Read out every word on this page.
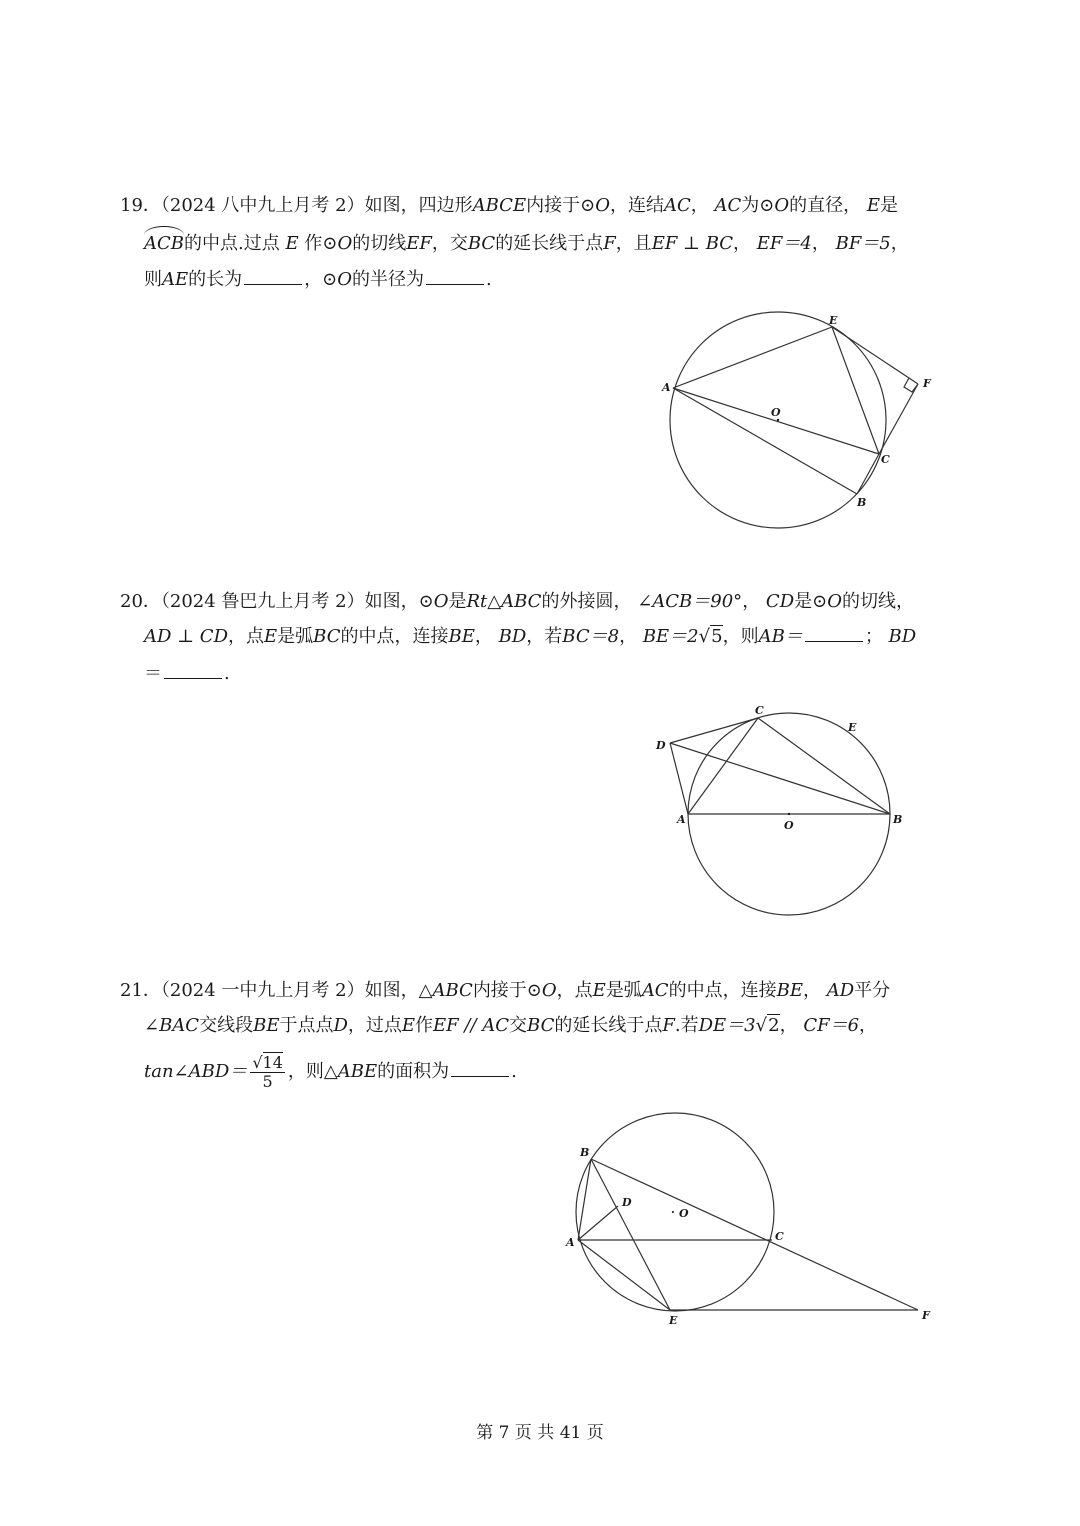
19．（2024 八中九上月考 2）如图，四边形ABCE内接于⊙O，连结AC， AC为⊙O的直径， E是
ACB的中点.过点 E 作⊙O的切线EF，交BC的延长线于点F，且EF ⊥ BC， EF＝4， BF＝5，
则AE的长为	，⊙O的半径为	.
A
E
F
O
C
B
20．（2024 鲁巴九上月考 2）如图，⊙O是Rt△ABC的外接圆， ∠ACB＝90°， CD是⊙O的切线，
AD ⊥ CD，点E是弧BC的中点，连接BE， BD，若BC＝8， BE＝2√5，则AB＝	； BD
＝	.
C
E
D
A	O	B
21．（2024 一中九上月考 2）如图，△ABC内接于⊙O，点E是弧AC的中点，连接BE， AD平分
∠BAC交线段BE于点点D，过点E作EF // AC交BC的延长线于点F.若DE＝3√2， CF＝6，
tan∠ABD＝ $\frac{√14}{5}$ ，则△ABE的面积为	.
B
D
· O
A	C
E	F
第 7 页 共 41 页
